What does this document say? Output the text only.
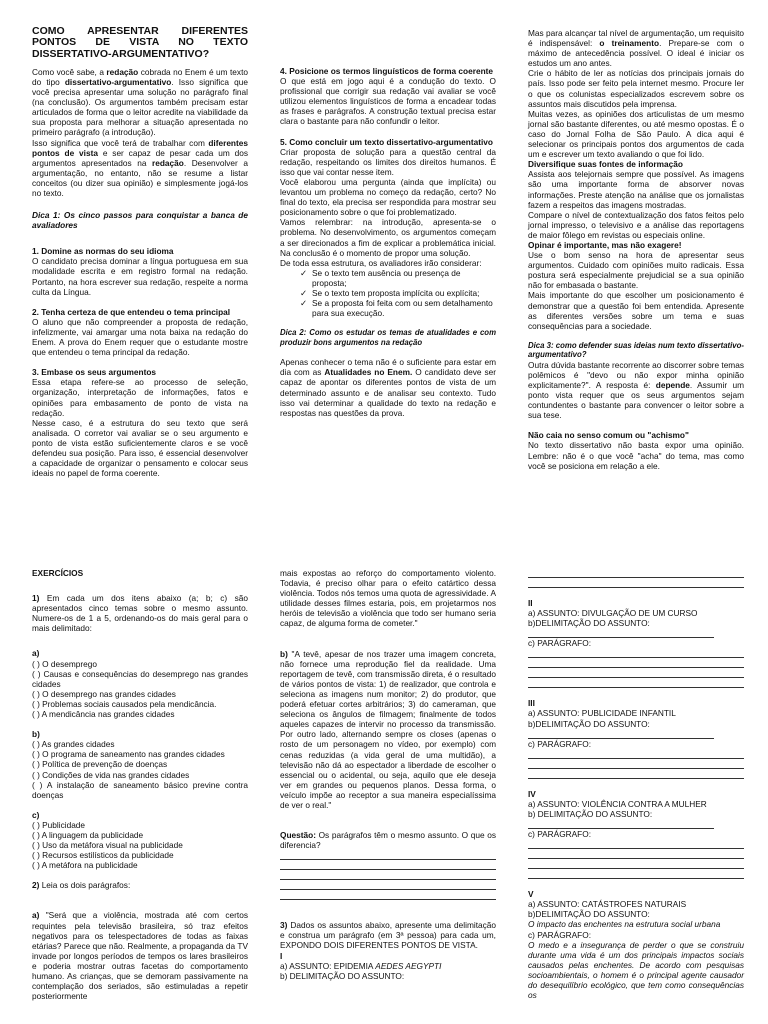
COMO APRESENTAR DIFERENTES PONTOS DE VISTA NO TEXTO DISSERTATIVO-ARGUMENTATIVO?

Como você sabe, a redação cobrada no Enem é um texto do tipo dissertativo-argumentativo. Isso significa que você precisa apresentar uma solução no parágrafo final (na conclusão). Os argumentos também precisam estar articulados de forma que o leitor acredite na viabilidade da sua proposta para melhorar a situação apresentada no primeiro parágrafo (a introdução).

Isso significa que você terá de trabalhar com diferentes pontos de vista e ser capaz de pesar cada um dos argumentos apresentados na redação. Desenvolver a argumentação, no entanto, não se resume a listar conceitos (ou dizer sua opinião) e simplesmente jogá-los no texto.

Dica 1: Os cinco passos para conquistar a banca de avaliadores

1. Domine as normas do seu idioma

O candidato precisa dominar a língua portuguesa em sua modalidade escrita e em registro formal na redação. Portanto, na hora escrever sua redação, respeite a norma culta da Língua.

2. Tenha certeza de que entendeu o tema principal

O aluno que não compreender a proposta de redação, infelizmente, vai amargar uma nota baixa na redação do Enem. A prova do Enem requer que o estudante mostre que entendeu o tema principal da redação.

3. Embase os seus argumentos

Essa etapa refere-se ao processo de seleção, organização, interpretação de informações, fatos e opiniões para embasamento de ponto de vista na redação.

Nesse caso, é a estrutura do seu texto que será analisada. O corretor vai avaliar se o seu argumento e ponto de vista estão suficientemente claros e se você defendeu sua posição. Para isso, é essencial desenvolver a capacidade de organizar o pensamento e colocar seus ideais no papel de forma coerente.

4. Posicione os termos linguísticos de forma coerente

O que está em jogo aqui é a condução do texto. O profissional que corrigir sua redação vai avaliar se você utilizou elementos linguísticos de forma a encadear todas as frases e parágrafos. A construção textual precisa estar clara o bastante para não confundir o leitor.

5. Como concluir um texto dissertativo-argumentativo

Criar proposta de solução para a questão central da redação, respeitando os limites dos direitos humanos. É isso que vai contar nesse item.

Você elaborou uma pergunta (ainda que implícita) ou levantou um problema no começo da redação, certo? No final do texto, ela precisa ser respondida para mostrar seu posicionamento sobre o que foi problematizado.

Vamos relembrar: na introdução, apresenta-se o problema. No desenvolvimento, os argumentos começam a ser direcionados a fim de explicar a problemática inicial. Na conclusão é o momento de propor uma solução.

De toda essa estrutura, os avaliadores irão considerar:

✓ Se o texto tem ausência ou presença de proposta;
✓ Se o texto tem proposta implícita ou explícita;
✓ Se a proposta foi feita com ou sem detalhamento para sua execução.

Dica 2: Como os estudar os temas de atualidades e com produzir bons argumentos na redação

Apenas conhecer o tema não é o suficiente para estar em dia com as Atualidades no Enem. O candidato deve ser capaz de apontar os diferentes pontos de vista de um determinado assunto e de analisar seu contexto. Tudo isso vai determinar a qualidade do texto na redação e respostas nas questões da prova.

Mas para alcançar tal nível de argumentação, um requisito é indispensável: o treinamento. Prepare-se com o máximo de antecedência possível. O ideal é iniciar os estudos um ano antes.

Crie o hábito de ler as notícias dos principais jornais do país. Isso pode ser feito pela internet mesmo. Procure ler o que os colunistas especializados escrevem sobre os assuntos mais discutidos pela imprensa.

Muitas vezes, as opiniões dos articulistas de um mesmo jornal são bastante diferentes, ou até mesmo opostas. É o caso do Jornal Folha de São Paulo. A dica aqui é selecionar os principais pontos dos argumentos de cada um e escrever um texto avaliando o que foi lido.

Diversifique suas fontes de informação

Assista aos telejornais sempre que possível. As imagens são uma importante forma de absorver novas informações. Preste atenção na análise que os jornalistas fazem a respeitos das imagens mostradas.

Compare o nível de contextualização dos fatos feitos pelo jornal impresso, o televisivo e a análise das reportagens de maior fôlego em revistas ou especiais online.

Opinar é importante, mas não exagere!

Use o bom senso na hora de apresentar seus argumentos. Cuidado com opiniões muito radicais. Essa postura será especialmente prejudicial se a sua opinião não for embasada o bastante.

Mais importante do que escolher um posicionamento é demonstrar que a questão foi bem entendida. Apresente as diferentes versões sobre um tema e suas consequências para a sociedade.

Dica 3: como defender suas ideias num texto dissertativo-argumentativo?

Outra dúvida bastante recorrente ao discorrer sobre temas polêmicos é "devo ou não expor minha opinião explicitamente?". A resposta é: depende. Assumir um ponto vista requer que os seus argumentos sejam contundentes o bastante para convencer o leitor sobre a sua tese.

Não caia no senso comum ou "achismo"

No texto dissertativo não basta expor uma opinião. Lembre: não é o que você "acha" do tema, mas como você se posiciona em relação a ele.

EXERCÍCIOS

1) Em cada um dos itens abaixo (a; b; c) são apresentados cinco temas sobre o mesmo assunto. Numere-os de 1 a 5, ordenando-os do mais geral para o mais delimitado:

a)

( ) O desemprego

( ) Causas e consequências do desemprego nas grandes cidades

( ) O desemprego nas grandes cidades

( ) Problemas sociais causados pela mendicância.

( ) A mendicância nas grandes cidades

b)

( ) As grandes cidades

( ) O programa de saneamento nas grandes cidades

( ) Política de prevenção de doenças

( ) Condições de vida nas grandes cidades

( ) A instalação de saneamento básico previne contra doenças

c)

( ) Publicidade

( ) A linguagem da publicidade

( ) Uso da metáfora visual na publicidade

( ) Recursos estilísticos da publicidade

( ) A metáfora na publicidade

2) Leia os dois parágrafos:

a) "Será que a violência, mostrada até com certos requintes pela televisão brasileira, só traz efeitos negativos para os telespectadores de todas as faixas etárias? Parece que não. Realmente, a propaganda da TV invade por longos períodos de tempos os lares brasileiros e poderia mostrar outras facetas do comportamento humano. As crianças, que se demoram passivamente na contemplação dos seriados, são estimuladas a repetir posteriormente

mais expostas ao reforço do comportamento violento. Todavia, é preciso olhar para o efeito catártico dessa violência. Todos nós temos uma quota de agressividade. A utilidade desses filmes estaria, pois, em projetarmos nos heróis de televisão a violência que todo ser humano seria capaz, de alguma forma de cometer."

b) "A tevê, apesar de nos trazer uma imagem concreta, não fornece uma reprodução fiel da realidade. Uma reportagem de tevê, com transmissão direta, é o resultado de vários pontos de vista: 1) de realizador, que controla e seleciona as imagens num monitor; 2) do produtor, que poderá efetuar cortes arbitrários; 3) do cameraman, que seleciona os ângulos de filmagem; finalmente de todos aqueles capazes de intervir no processo da transmissão. Por outro lado, alternando sempre os closes (apenas o rosto de um personagem no vídeo, por exemplo) com cenas reduzidas (a vida geral de uma multidão), a televisão não dá ao espectador a liberdade de escolher o essencial ou o acidental, ou seja, aquilo que ele deseja ver em grandes ou pequenos planos. Dessa forma, o veículo impõe ao receptor a sua maneira especialíssima de ver o real."

Questão: Os parágrafos têm o mesmo assunto. O que os diferencia?

3) Dados os assuntos abaixo, apresente uma delimitação e construa um parágrafo (em 3ª pessoa) para cada um, EXPONDO DOIS DIFERENTES PONTOS DE VISTA.

I

a) ASSUNTO: EPIDEMIA AEDES AEGYPTI

b) DELIMITAÇÃO DO ASSUNTO:

II

a) ASSUNTO: DIVULGAÇÃO DE UM CURSO

b)DELIMITAÇÃO DO ASSUNTO:

c) PARÁGRAFO:

III

a) ASSUNTO: PUBLICIDADE INFANTIL

b)DELIMITAÇÃO DO ASSUNTO:

c) PARÁGRAFO:

IV

a) ASSUNTO: VIOLÊNCIA CONTRA A MULHER

b) DELIMITAÇÃO DO ASSUNTO:

c) PARÁGRAFO:

V

a) ASSUNTO: CATÁSTROFES NATURAIS

b)DELIMITAÇÃO DO ASSUNTO:

O impacto das enchentes na estrutura social urbana

c) PARÁGRAFO:

O medo e a insegurança de perder o que se construiu durante uma vida é um dos principais impactos sociais causados pelas enchentes. De acordo com pesquisas socioambientais, o homem é o principal agente causador do desequilíbrio ecológico, que tem como consequências os
